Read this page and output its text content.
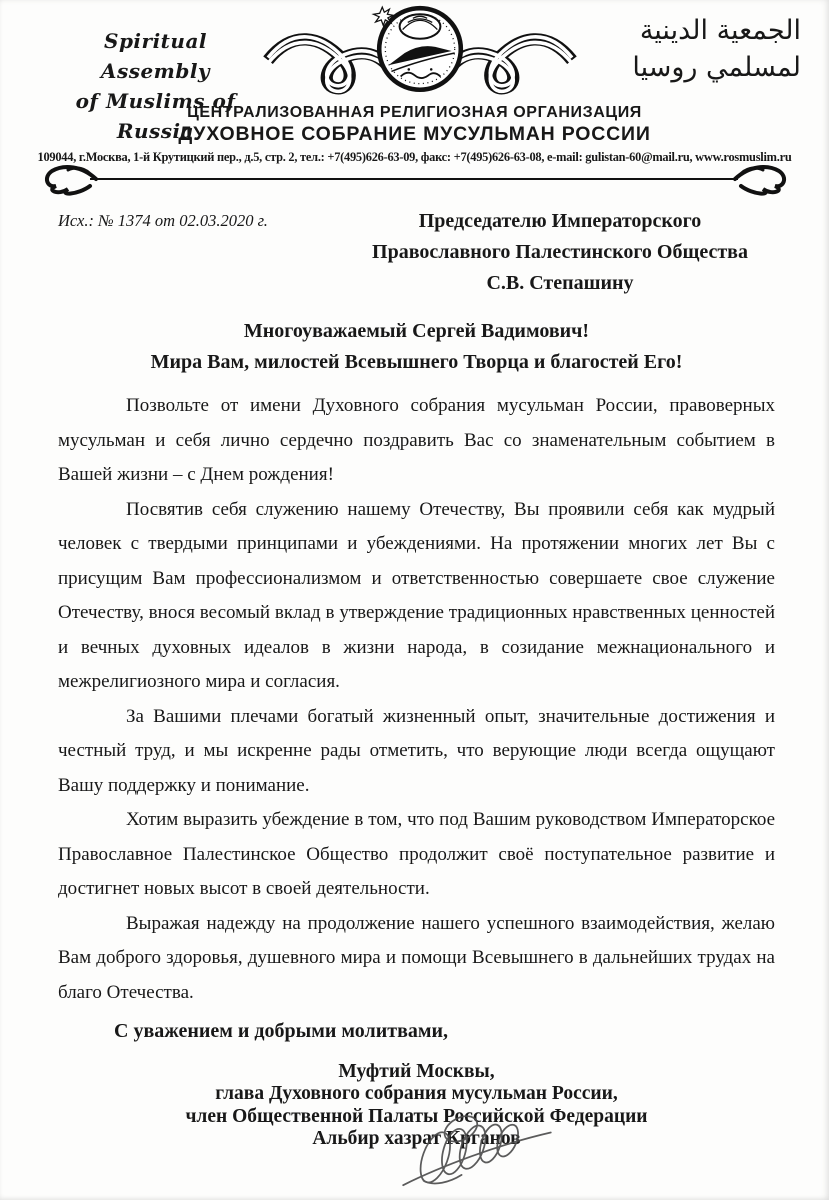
Spiritual Assembly
of Muslims of Russia
الجمعية الدينية
لمسلمي روسيا
ЦЕНТРАЛИЗОВАННАЯ РЕЛИГИОЗНАЯ ОРГАНИЗАЦИЯ
ДУХОВНОЕ СОБРАНИЕ МУСУЛЬМАН РОССИИ
109044, г.Москва, 1-й Крутицкий пер., д.5, стр. 2, тел.: +7(495)626-63-09, факс: +7(495)626-63-08, e-mail: gulistan-60@mail.ru, www.rosmuslim.ru
Исх.: № 1374 от 02.03.2020 г.	Председателю Императорского
Православного Палестинского Общества
С.В. Степашину
Многоуважаемый Сергей Вадимович!
Мира Вам, милостей Всевышнего Творца и благостей Его!

Позвольте от имени Духовного собрания мусульман России, правоверных мусульман и себя лично сердечно поздравить Вас со знаменательным событием в Вашей жизни – с Днем рождения!

Посвятив себя служению нашему Отечеству, Вы проявили себя как мудрый человек с твердыми принципами и убеждениями. На протяжении многих лет Вы с присущим Вам профессионализмом и ответственностью совершаете свое служение Отечеству, внося весомый вклад в утверждение традиционных нравственных ценностей и вечных духовных идеалов в жизни народа, в созидание межнационального и межрелигиозного мира и согласия.

За Вашими плечами богатый жизненный опыт, значительные достижения и честный труд, и мы искренне рады отметить, что верующие люди всегда ощущают Вашу поддержку и понимание.

Хотим выразить убеждение в том, что под Вашим руководством Императорское Православное Палестинское Общество продолжит своё поступательное развитие и достигнет новых высот в своей деятельности.

Выражая надежду на продолжение нашего успешного взаимодействия, желаю Вам доброго здоровья, душевного мира и помощи Всевышнего в дальнейших трудах на благо Отечества.

С уважением и добрыми молитвами,
Муфтий Москвы,
глава Духовного собрания мусульман России,
член Общественной Палаты Российской Федерации
Альбир хазрат Крганов
